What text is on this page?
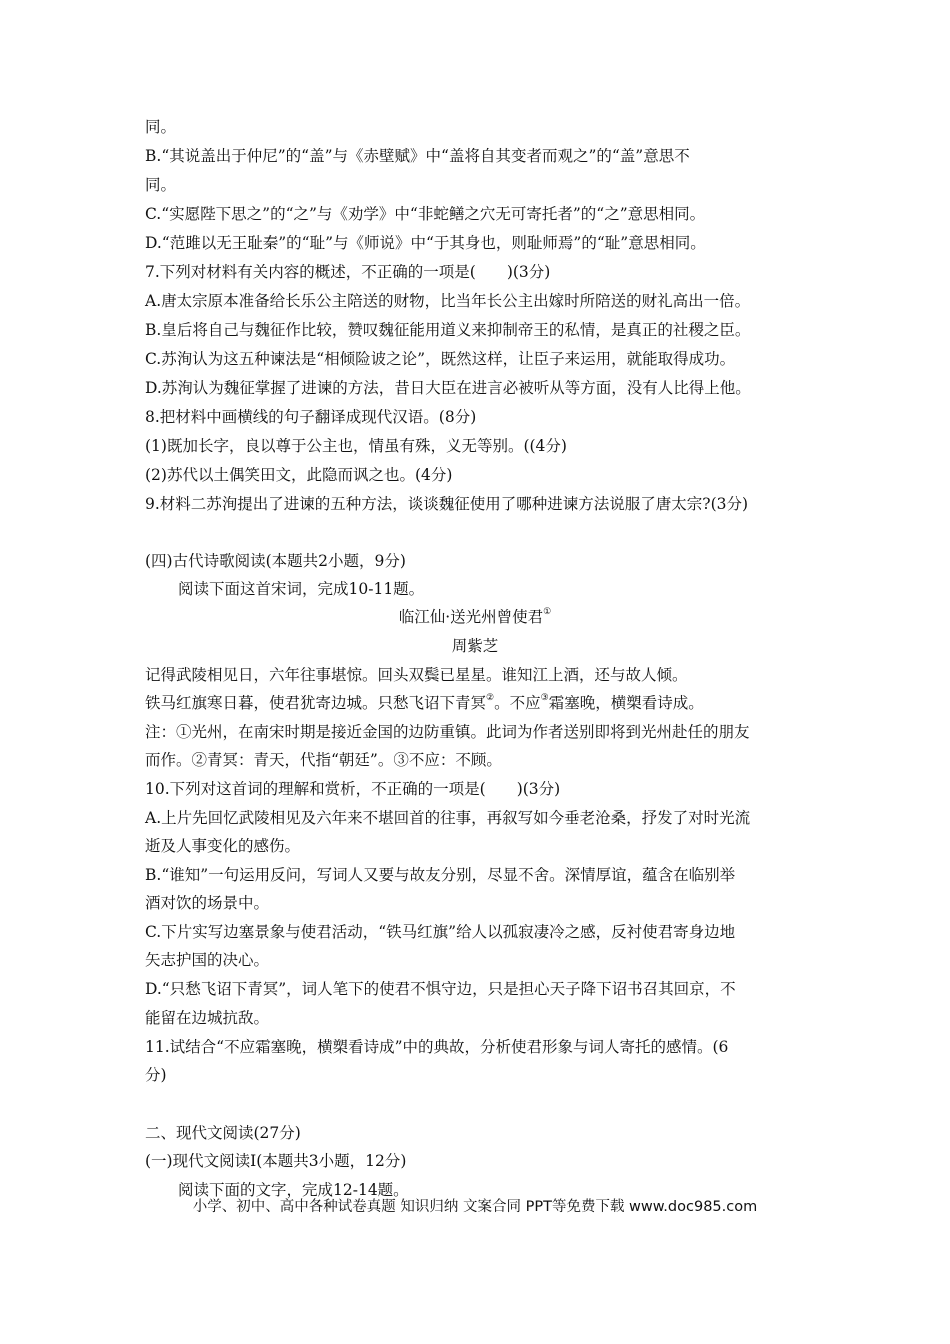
同。
B.“其说盖出于仲尼”的“盖”与《赤壁赋》中“盖将自其变者而观之”的“盖”意思不
同。
C.“实愿陛下思之”的“之”与《劝学》中“非蛇鳝之穴无可寄托者”的“之”意思相同。
D.“范雎以无王耻秦”的“耻”与《师说》中“于其身也，则耻师焉”的“耻”意思相同。
7.下列对材料有关内容的概述，不正确的一项是(　　)(3分)
A.唐太宗原本准备给长乐公主陪送的财物，比当年长公主出嫁时所陪送的财礼高出一倍。
B.皇后将自己与魏征作比较，赞叹魏征能用道义来抑制帝王的私情，是真正的社稷之臣。
C.苏洵认为这五种谏法是“相倾险诐之论”，既然这样，让臣子来运用，就能取得成功。
D.苏洵认为魏征掌握了进谏的方法，昔日大臣在进言必被听从等方面，没有人比得上他。
8.把材料中画横线的句子翻译成现代汉语。(8分)
(1)既加长字，良以尊于公主也，情虽有殊，义无等别。((4分)
(2)苏代以土偶笑田文，此隐而讽之也。(4分)
9.材料二苏洵提出了进谏的五种方法，谈谈魏征使用了哪种进谏方法说服了唐太宗?(3分)
(四)古代诗歌阅读(本题共2小题，9分)
阅读下面这首宋词，完成10-11题。
临江仙·送光州曾使君①
周紫芝
记得武陵相见日，六年往事堪惊。回头双鬓已星星。谁知江上酒，还与故人倾。
铁马红旗寒日暮，使君犹寄边城。只愁飞诏下青冥②。不应③霜塞晚，横槊看诗成。
注：①光州，在南宋时期是接近金国的边防重镇。此词为作者送别即将到光州赴任的朋友
而作。②青冥：青天，代指“朝廷”。③不应：不顾。
10.下列对这首词的理解和赏析，不正确的一项是(　　)(3分)
A.上片先回忆武陵相见及六年来不堪回首的往事，再叙写如今垂老沧桑，抒发了对时光流
逝及人事变化的感伤。
B.“谁知”一句运用反问，写词人又要与故友分别，尽显不舍。深情厚谊，蕴含在临别举
酒对饮的场景中。
C.下片实写边塞景象与使君活动，“铁马红旗”给人以孤寂凄冷之感，反衬使君寄身边地
矢志护国的决心。
D.“只愁飞诏下青冥”，词人笔下的使君不惧守边，只是担心天子降下诏书召其回京，不
能留在边城抗敌。
11.试结合“不应霜塞晚，横槊看诗成”中的典故，分析使君形象与词人寄托的感情。(6
分)
二、现代文阅读(27分)
(一)现代文阅读Ⅰ(本题共3小题，12分)
阅读下面的文字，完成12-14题。
小学、初中、高中各种试卷真题 知识归纳 文案合同 PPT等免费下载 www.doc985.com
